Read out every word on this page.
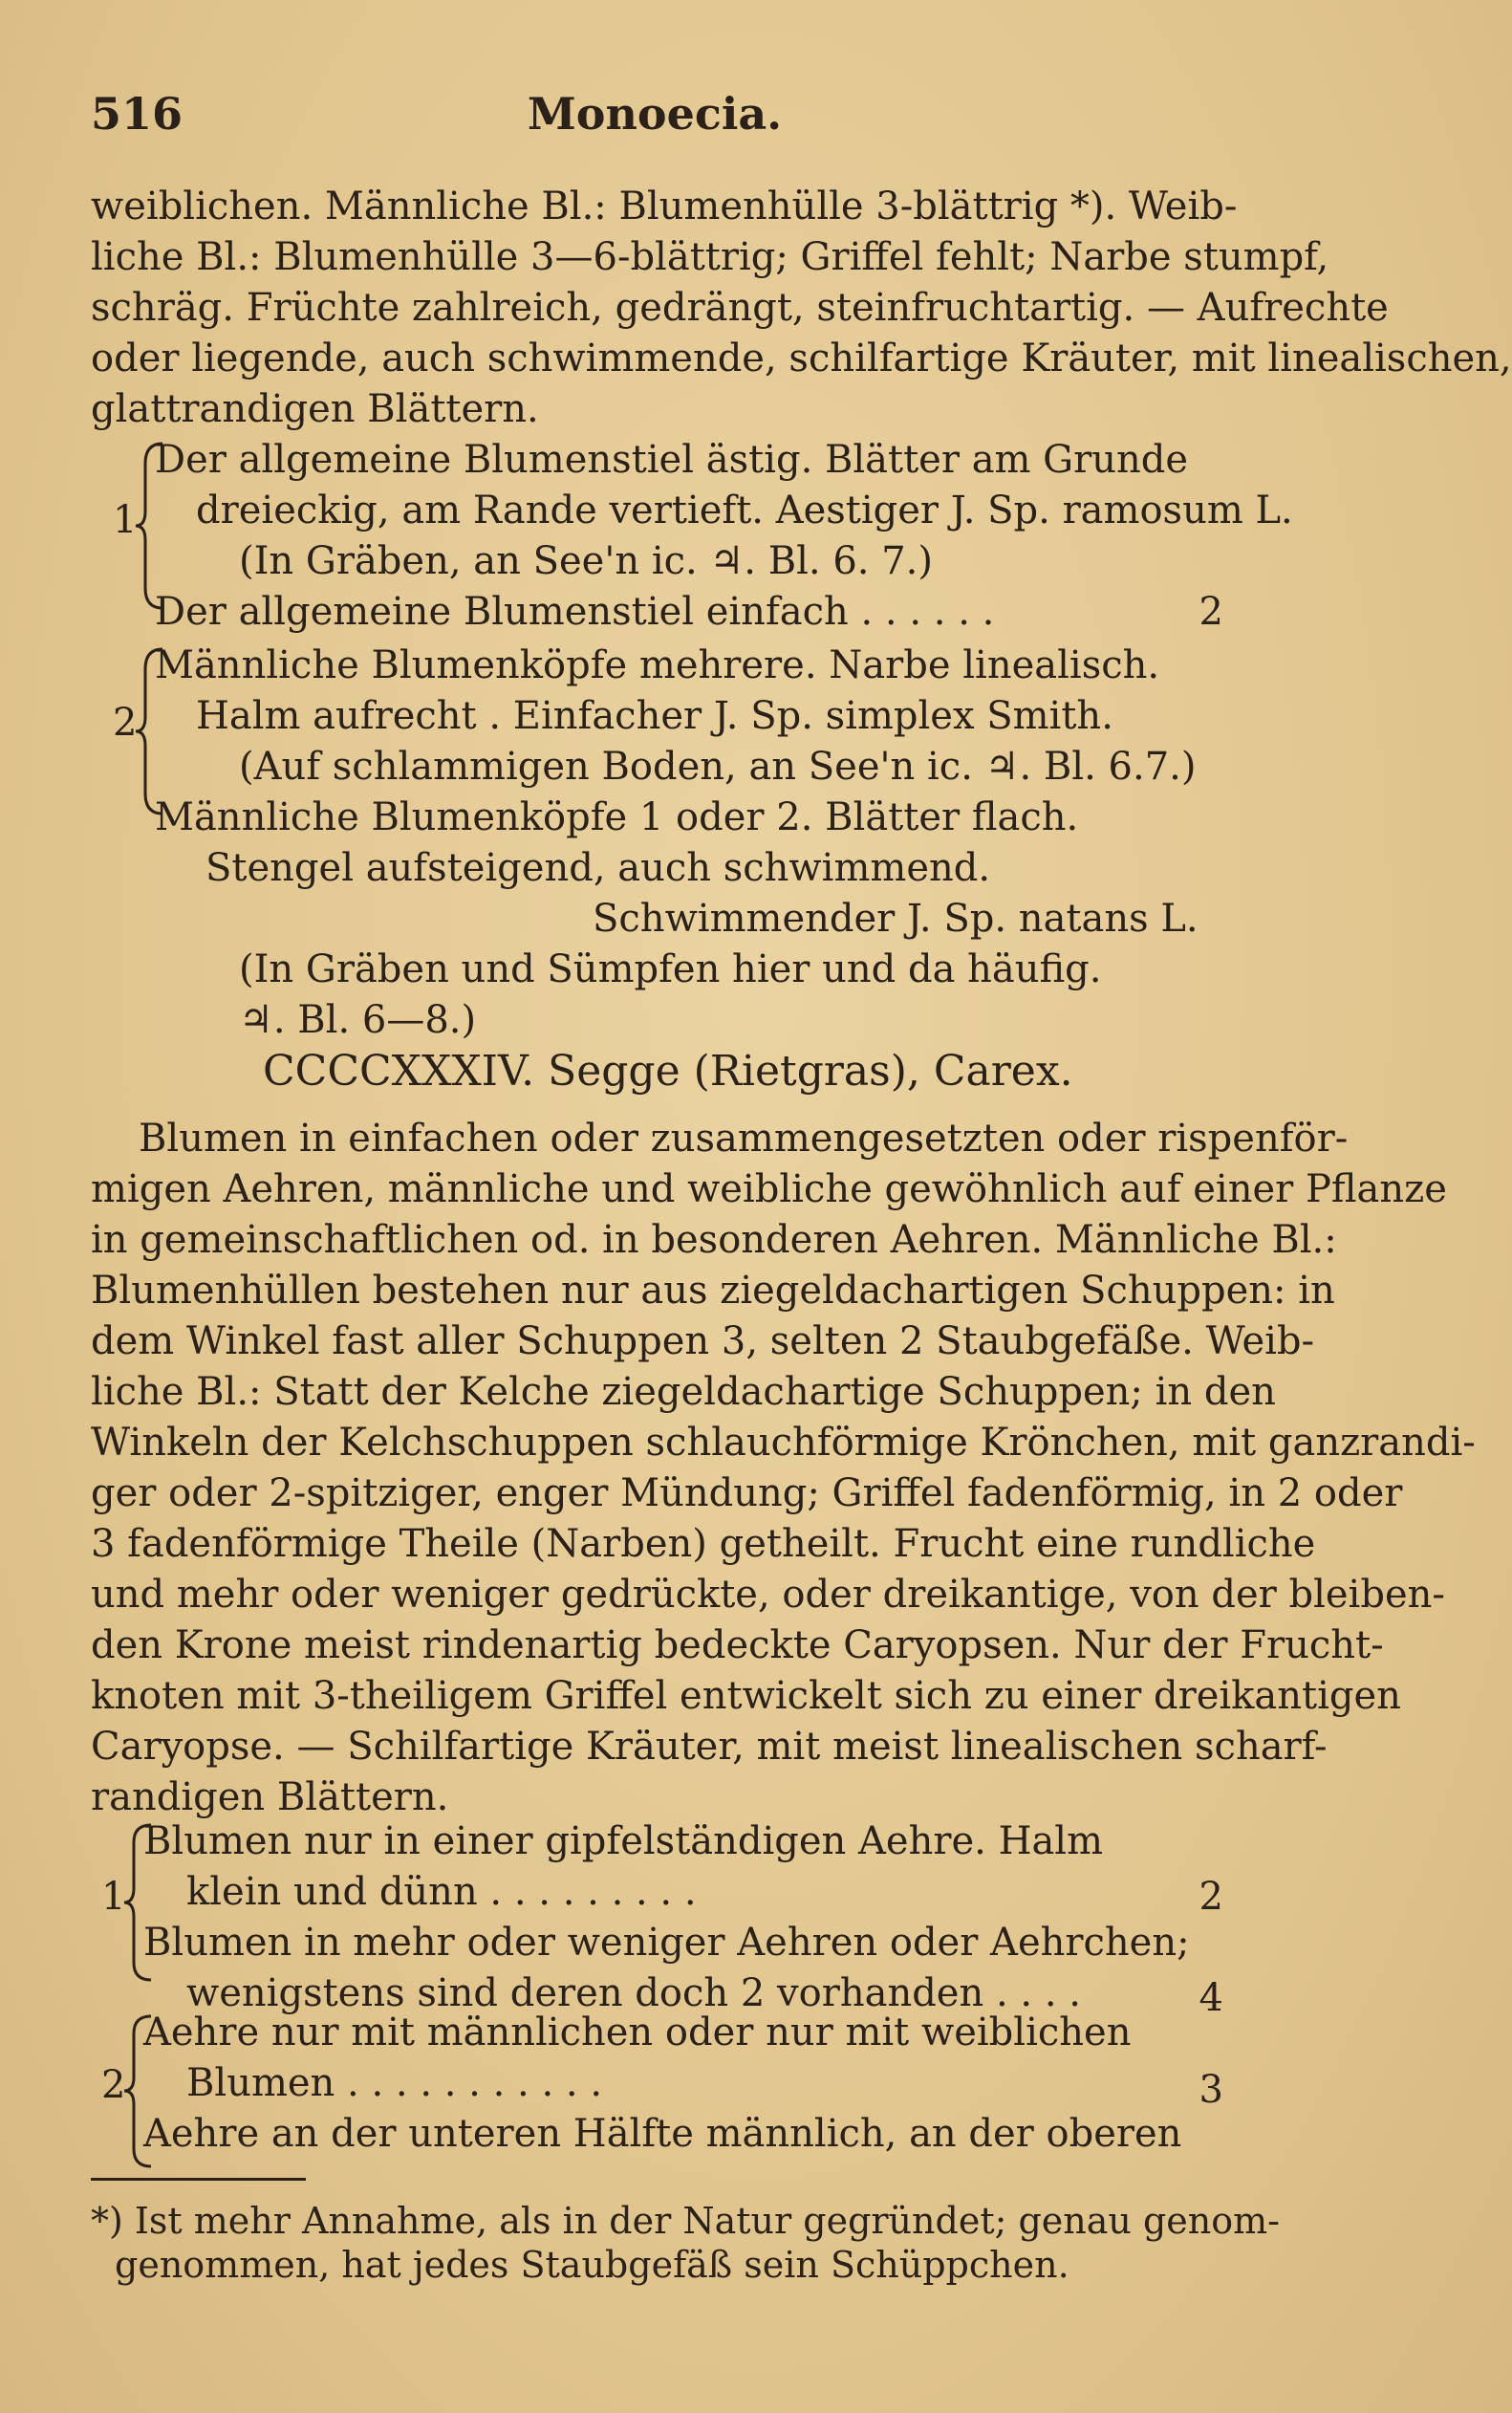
516	Monoecia.
weiblichen. Männliche Bl.: Blumenhülle 3-blättrig *). Weib-
liche Bl.: Blumenhülle 3—6-blättrig; Griffel fehlt; Narbe stumpf,
schräg. Früchte zahlreich, gedrängt, steinfruchtartig. — Aufrechte
oder liegende, auch schwimmende, schilfartige Kräuter, mit linealischen,
glattrandigen Blättern.
1
Der allgemeine Blumenstiel ästig. Blätter am Grunde
dreieckig, am Rande vertieft. Aestiger J. Sp. ramosum L.
(In Gräben, an See'n ic. ♃. Bl. 6. 7.)
Der allgemeine Blumenstiel einfach . . . . . .	2
2
Männliche Blumenköpfe mehrere. Narbe linealisch.
Halm aufrecht . Einfacher J. Sp. simplex Smith.
(Auf schlammigen Boden, an See'n ic. ♃. Bl. 6.7.)
Männliche Blumenköpfe 1 oder 2. Blätter flach.
Stengel aufsteigend, auch schwimmend.
Schwimmender J. Sp. natans L.
(In Gräben und Sümpfen hier und da häufig.
♃. Bl. 6—8.)
CCCCXXXIV. Segge (Rietgras), Carex.
Blumen in einfachen oder zusammengesetzten oder rispenför-
migen Aehren, männliche und weibliche gewöhnlich auf einer Pflanze
in gemeinschaftlichen od. in besonderen Aehren. Männliche Bl.:
Blumenhüllen bestehen nur aus ziegeldachartigen Schuppen: in
dem Winkel fast aller Schuppen 3, selten 2 Staubgefäße. Weib-
liche Bl.: Statt der Kelche ziegeldachartige Schuppen; in den
Winkeln der Kelchschuppen schlauchförmige Krönchen, mit ganzrandi-
ger oder 2-spitziger, enger Mündung; Griffel fadenförmig, in 2 oder
3 fadenförmige Theile (Narben) getheilt. Frucht eine rundliche
und mehr oder weniger gedrückte, oder dreikantige, von der bleiben-
den Krone meist rindenartig bedeckte Caryopsen. Nur der Frucht-
knoten mit 3-theiligem Griffel entwickelt sich zu einer dreikantigen
Caryopse. — Schilfartige Kräuter, mit meist linealischen scharf-
randigen Blättern.
1
Blumen nur in einer gipfelständigen Aehre. Halm
klein und dünn . . . . . . . . .	2
Blumen in mehr oder weniger Aehren oder Aehrchen;
wenigstens sind deren doch 2 vorhanden . . . .	4
2
Aehre nur mit männlichen oder nur mit weiblichen
Blumen . . . . . . . . . . .	3
Aehre an der unteren Hälfte männlich, an der oberen
*) Ist mehr Annahme, als in der Natur gegründet; genau genom-
genommen, hat jedes Staubgefäß sein Schüppchen.
